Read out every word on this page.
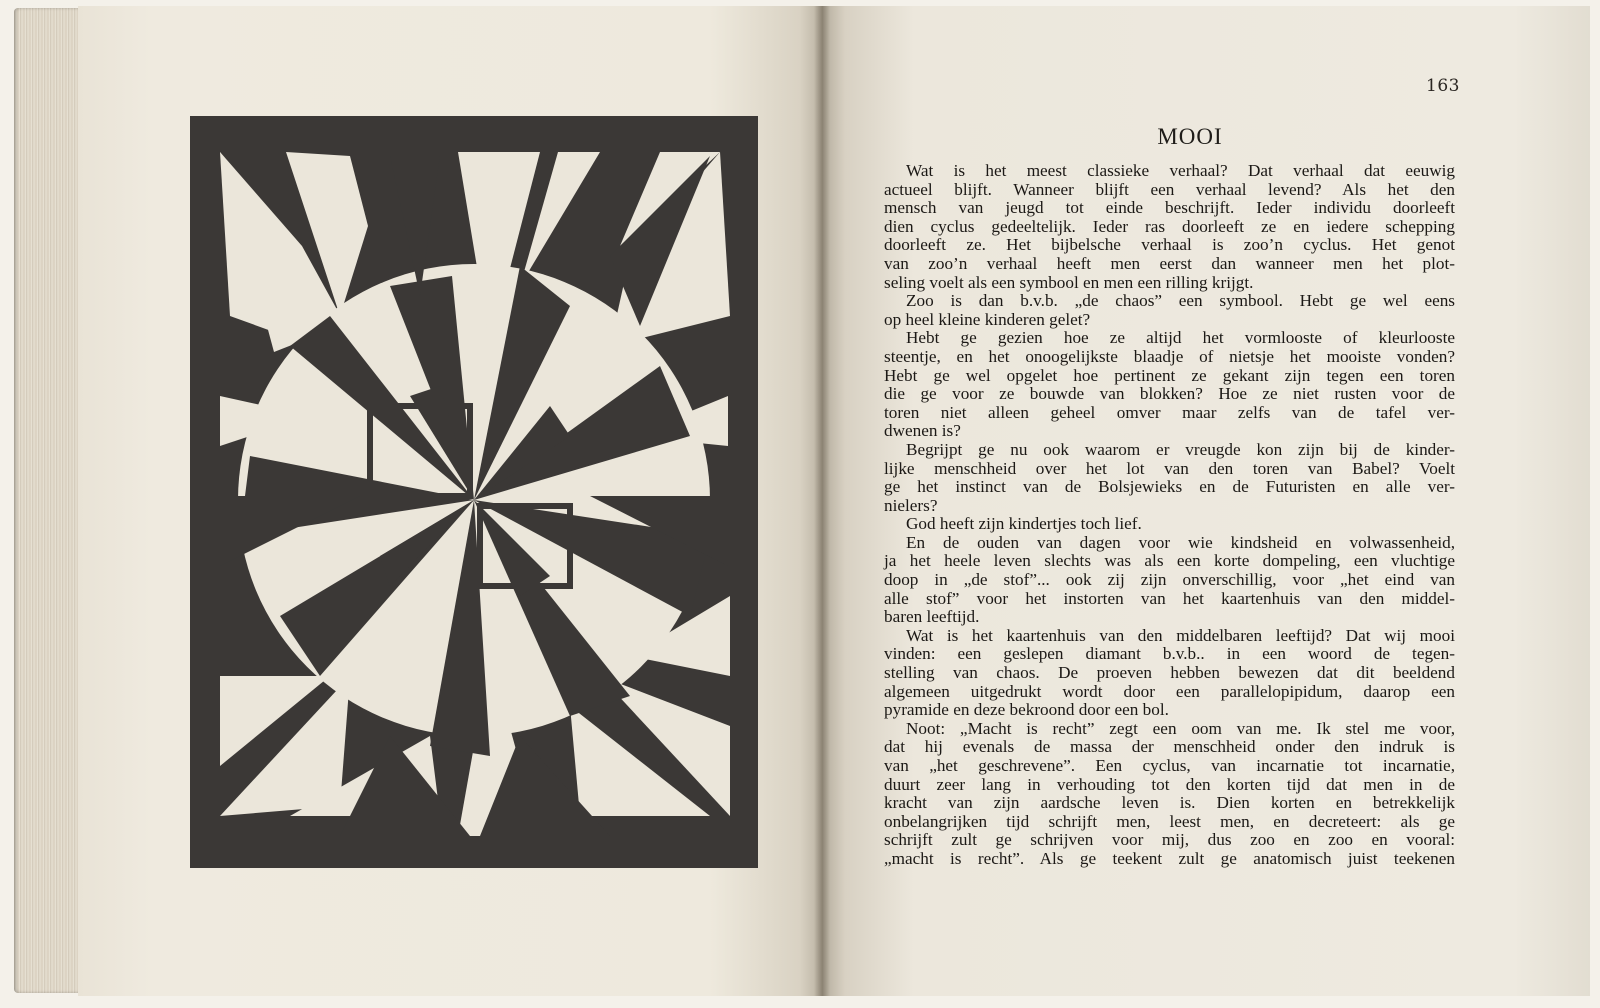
163
MOOI
Wat is het meest classieke verhaal? Dat verhaal dat eeuwig
actueel blijft. Wanneer blijft een verhaal levend? Als het den
mensch van jeugd tot einde beschrijft. Ieder individu doorleeft
dien cyclus gedeeltelijk. Ieder ras doorleeft ze en iedere schepping
doorleeft ze. Het bijbelsche verhaal is zoo’n cyclus. Het genot
van zoo’n verhaal heeft men eerst dan wanneer men het plot-
seling voelt als een symbool en men een rilling krijgt.
Zoo is dan b.v.b. „de chaos” een symbool. Hebt ge wel eens
op heel kleine kinderen gelet?
Hebt ge gezien hoe ze altijd het vormlooste of kleurlooste
steentje, en het onoogelijkste blaadje of nietsje het mooiste vonden?
Hebt ge wel opgelet hoe pertinent ze gekant zijn tegen een toren
die ge voor ze bouwde van blokken? Hoe ze niet rusten voor de
toren niet alleen geheel omver maar zelfs van de tafel ver-
dwenen is?
Begrijpt ge nu ook waarom er vreugde kon zijn bij de kinder-
lijke menschheid over het lot van den toren van Babel? Voelt
ge het instinct van de Bolsjewieks en de Futuristen en alle ver-
nielers?
God heeft zijn kindertjes toch lief.
En de ouden van dagen voor wie kindsheid en volwassenheid,
ja het heele leven slechts was als een korte dompeling, een vluchtige
doop in „de stof”... ook zij zijn onverschillig, voor „het eind van
alle stof” voor het instorten van het kaartenhuis van den middel-
baren leeftijd.
Wat is het kaartenhuis van den middelbaren leeftijd? Dat wij mooi
vinden: een geslepen diamant b.v.b.. in een woord de tegen-
stelling van chaos. De proeven hebben bewezen dat dit beeldend
algemeen uitgedrukt wordt door een parallelopipidum, daarop een
pyramide en deze bekroond door een bol.
Noot: „Macht is recht” zegt een oom van me. Ik stel me voor,
dat hij evenals de massa der menschheid onder den indruk is
van „het geschrevene”. Een cyclus, van incarnatie tot incarnatie,
duurt zeer lang in verhouding tot den korten tijd dat men in de
kracht van zijn aardsche leven is. Dien korten en betrekkelijk
onbelangrijken tijd schrijft men, leest men, en decreteert: als ge
schrijft zult ge schrijven voor mij, dus zoo en zoo en vooral:
„macht is recht”. Als ge teekent zult ge anatomisch juist teekenen
